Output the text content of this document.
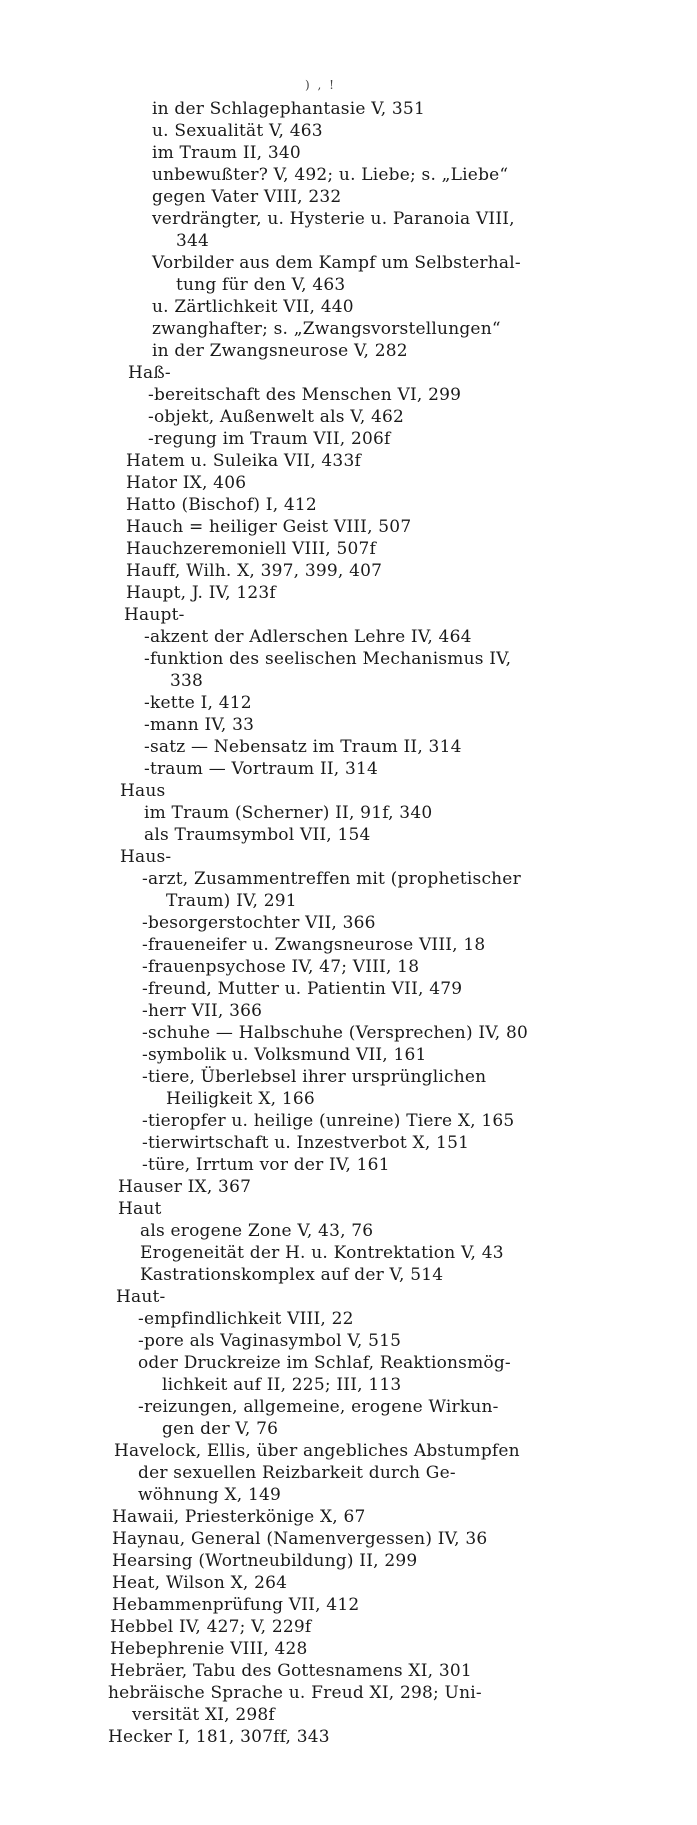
) , !
in der Schlagephantasie V, 351
u. Sexualität V, 463
im Traum II, 340
unbewußter? V, 492; u. Liebe; s. „Liebe“
gegen Vater VIII, 232
verdrängter, u. Hysterie u. Paranoia VIII,
344
Vorbilder aus dem Kampf um Selbsterhal-
tung für den V, 463
u. Zärtlichkeit VII, 440
zwanghafter; s. „Zwangsvorstellungen“
in der Zwangsneurose V, 282
Haß-
-bereitschaft des Menschen VI, 299
-objekt, Außenwelt als V, 462
-regung im Traum VII, 206f
Hatem u. Suleika VII, 433f
Hator IX, 406
Hatto (Bischof) I, 412
Hauch = heiliger Geist VIII, 507
Hauchzeremoniell VIII, 507f
Hauff, Wilh. X, 397, 399, 407
Haupt, J. IV, 123f
Haupt-
-akzent der Adlerschen Lehre IV, 464
-funktion des seelischen Mechanismus IV,
338
-kette I, 412
-mann IV, 33
-satz — Nebensatz im Traum II, 314
-traum — Vortraum II, 314
Haus
im Traum (Scherner) II, 91f, 340
als Traumsymbol VII, 154
Haus-
-arzt, Zusammentreffen mit (prophetischer
Traum) IV, 291
-besorgerstochter VII, 366
-fraueneifer u. Zwangsneurose VIII, 18
-frauenpsychose IV, 47; VIII, 18
-freund, Mutter u. Patientin VII, 479
-herr VII, 366
-schuhe — Halbschuhe (Versprechen) IV, 80
-symbolik u. Volksmund VII, 161
-tiere, Überlebsel ihrer ursprünglichen
Heiligkeit X, 166
-tieropfer u. heilige (unreine) Tiere X, 165
-tierwirtschaft u. Inzestverbot X, 151
-türe, Irrtum vor der IV, 161
Hauser IX, 367
Haut
als erogene Zone V, 43, 76
Erogeneität der H. u. Kontrektation V, 43
Kastrationskomplex auf der V, 514
Haut-
-empfindlichkeit VIII, 22
-pore als Vaginasymbol V, 515
oder Druckreize im Schlaf, Reaktionsmög-
lichkeit auf II, 225; III, 113
-reizungen, allgemeine, erogene Wirkun-
gen der V, 76
Havelock, Ellis, über angebliches Abstumpfen
der sexuellen Reizbarkeit durch Ge-
wöhnung X, 149
Hawaii, Priesterkönige X, 67
Haynau, General (Namenvergessen) IV, 36
Hearsing (Wortneubildung) II, 299
Heat, Wilson X, 264
Hebammenprüfung VII, 412
Hebbel IV, 427; V, 229f
Hebephrenie VIII, 428
Hebräer, Tabu des Gottesnamens XI, 301
hebräische Sprache u. Freud XI, 298; Uni-
versität XI, 298f
Hecker I, 181, 307ff, 343
